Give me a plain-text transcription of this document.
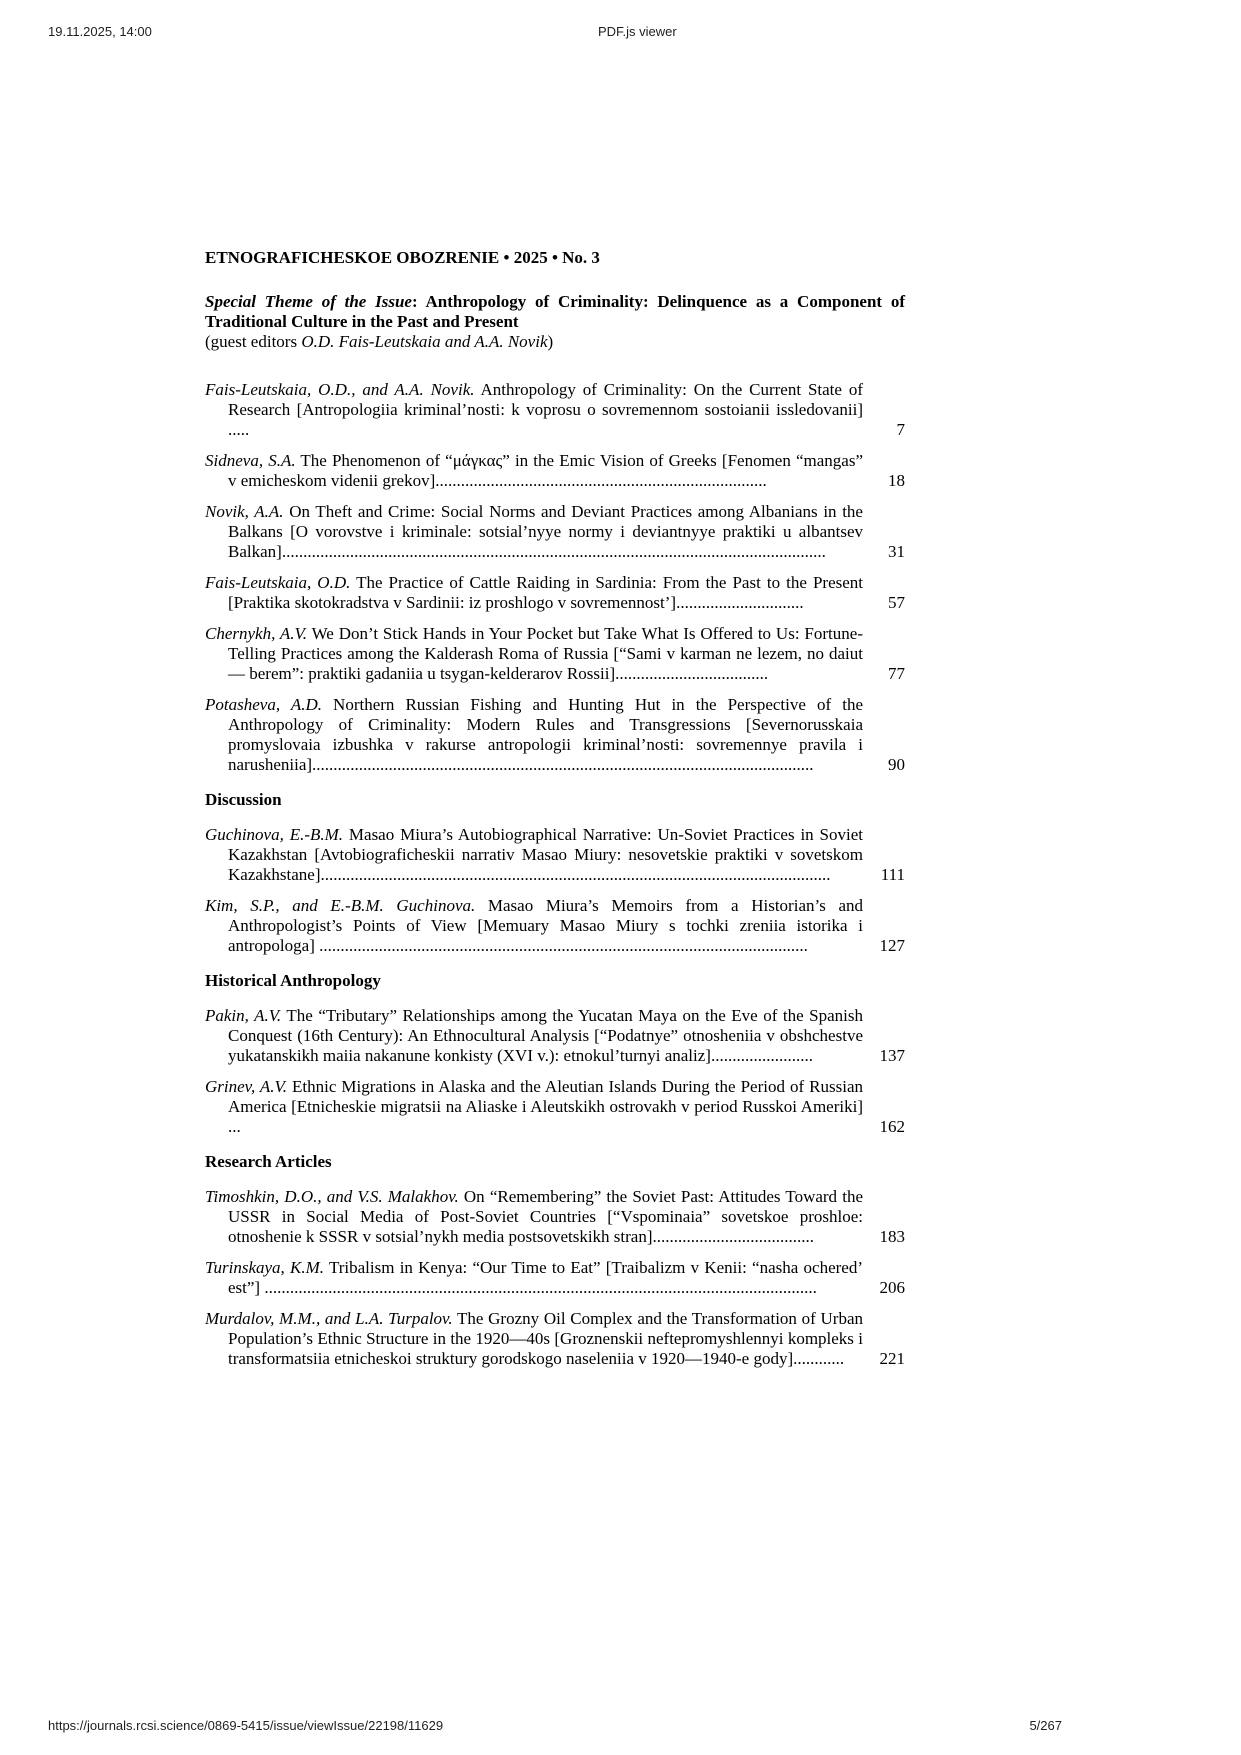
19.11.2025, 14:00	PDF.js viewer
ETNOGRAFICHESKOE OBOZRENIE • 2025 • No. 3
Special Theme of the Issue: Anthropology of Criminality: Delinquence as a Component of Traditional Culture in the Past and Present
(guest editors O.D. Fais-Leutskaia and A.A. Novik)
Fais-Leutskaia, O.D., and A.A. Novik. Anthropology of Criminality: On the Current State of Research [Antropologiia kriminal’nosti: k voprosu o sovremennom sostoianii issledovanii] .....	7
Sidneva, S.A. The Phenomenon of “μάγκας” in the Emic Vision of Greeks [Fenomen “mangas” v emicheskom videnii grekov]..............................................................................	18
Novik, A.A. On Theft and Crime: Social Norms and Deviant Practices among Albanians in the Balkans [O vorovstve i kriminale: sotsial’nyye normy i deviantnyye praktiki u albantsev Balkan]................................................................................................................................	31
Fais-Leutskaia, O.D. The Practice of Cattle Raiding in Sardinia: From the Past to the Present [Praktika skotokradstva v Sardinii: iz proshlogo v sovremennost’]..............................	57
Chernykh, A.V. We Don’t Stick Hands in Your Pocket but Take What Is Offered to Us: Fortune-Telling Practices among the Kalderash Roma of Russia [“Sami v karman ne lezem, no daiut — berem”: praktiki gadaniia u tsygan-kelderarov Rossii]....................................	77
Potasheva, A.D. Northern Russian Fishing and Hunting Hut in the Perspective of the Anthropology of Criminality: Modern Rules and Transgressions [Severnorusskaia promyslovaia izbushka v rakurse antropologii kriminal’nosti: sovremennye pravila i narusheniia]......................................................................................................................	90
Discussion
Guchinova, E.-B.M. Masao Miura’s Autobiographical Narrative: Un-Soviet Practices in Soviet Kazakhstan [Avtobiograficheskii narrativ Masao Miury: nesovetskie praktiki v sovetskom Kazakhstane]........................................................................................................................	111
Kim, S.P., and E.-B.M. Guchinova. Masao Miura’s Memoirs from a Historian’s and Anthropologist’s Points of View [Memuary Masao Miury s tochki zreniia istorika i antropologa] ...................................................................................................................	127
Historical Anthropology
Pakin, A.V. The “Tributary” Relationships among the Yucatan Maya on the Eve of the Spanish Conquest (16th Century): An Ethnocultural Analysis [“Podatnye” otnosheniia v obshchestve yukatanskikh maiia nakanune konkisty (XVI v.): etnokul’turnyi analiz]........................	137
Grinev, A.V. Ethnic Migrations in Alaska and the Aleutian Islands During the Period of Russian America [Etnicheskie migratsii na Aliaske i Aleutskikh ostrovakh v period Russkoi Ameriki] ...	162
Research Articles
Timoshkin, D.O., and V.S. Malakhov. On “Remembering” the Soviet Past: Attitudes Toward the USSR in Social Media of Post-Soviet Countries [“Vspominaia” sovetskoe proshloe: otnoshenie k SSSR v sotsial’nykh media postsovetskikh stran]......................................	183
Turinskaya, K.M. Tribalism in Kenya: “Our Time to Eat” [Traibalizm v Kenii: “nasha ochered’ est”] ..................................................................................................................................	206
Murdalov, M.M., and L.A. Turpalov. The Grozny Oil Complex and the Transformation of Urban Population’s Ethnic Structure in the 1920—40s [Groznenskii neftepromyshlennyi kompleks i transformatsiia etnicheskoi struktury gorodskogo naseleniia v 1920—1940-e gody]............ 221
https://journals.rcsi.science/0869-5415/issue/viewIssue/22198/11629	5/267
